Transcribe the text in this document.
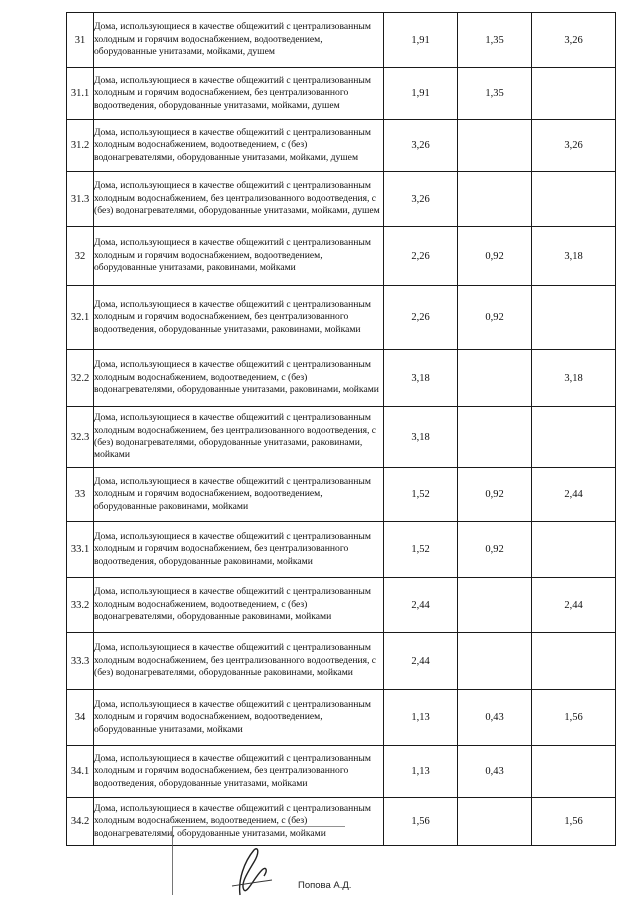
31	Дома, использующиеся в качестве общежитий с централизованным холодным и горячим водоснабжением, водоотведением, оборудованные унитазами, мойками, душем	1,91	1,35	3,26
31.1	Дома, использующиеся в качестве общежитий с централизованным холодным и горячим водоснабжением, без централизованного водоотведения, оборудованные унитазами, мойками, душем	1,91	1,35	
31.2	Дома, использующиеся в качестве общежитий с централизованным холодным водоснабжением, водоотведением, с (без) водонагревателями, оборудованные унитазами, мойками, душем	3,26		3,26
31.3	Дома, использующиеся в качестве общежитий с централизованным холодным водоснабжением, без централизованного водоотведения, с (без) водонагревателями, оборудованные унитазами, мойками, душем	3,26		
32	Дома, использующиеся в качестве общежитий с централизованным холодным и горячим водоснабжением, водоотведением, оборудованные унитазами, раковинами, мойками	2,26	0,92	3,18
32.1	Дома, использующиеся в качестве общежитий с централизованным холодным и горячим водоснабжением, без централизованного водоотведения, оборудованные унитазами, раковинами, мойками	2,26	0,92	
32.2	Дома, использующиеся в качестве общежитий с централизованным холодным водоснабжением, водоотведением, с (без) водонагревателями, оборудованные унитазами, раковинами, мойками	3,18		3,18
32.3	Дома, использующиеся в качестве общежитий с централизованным холодным водоснабжением, без централизованного водоотведения, с (без) водонагревателями, оборудованные унитазами, раковинами, мойками	3,18		
33	Дома, использующиеся в качестве общежитий с централизованным холодным и горячим водоснабжением, водоотведением, оборудованные раковинами, мойками	1,52	0,92	2,44
33.1	Дома, использующиеся в качестве общежитий с централизованным холодным и горячим водоснабжением, без централизованного водоотведения, оборудованные раковинами, мойками	1,52	0,92	
33.2	Дома, использующиеся в качестве общежитий с централизованным холодным водоснабжением, водоотведением, с (без) водонагревателями, оборудованные раковинами, мойками	2,44		2,44
33.3	Дома, использующиеся в качестве общежитий с централизованным холодным водоснабжением, без централизованного водоотведения, с (без) водонагревателями, оборудованные раковинами, мойками	2,44		
34	Дома, использующиеся в качестве общежитий с централизованным холодным и горячим водоснабжением, водоотведением, оборудованные унитазами, мойками	1,13	0,43	1,56
34.1	Дома, использующиеся в качестве общежитий с централизованным холодным и горячим водоснабжением, без централизованного водоотведения, оборудованные унитазами, мойками	1,13	0,43	
34.2	Дома, использующиеся в качестве общежитий с централизованным холодным водоснабжением, водоотведением, с (без) водонагревателями, оборудованные унитазами, мойками	1,56		1,56
Попова А.Д.
